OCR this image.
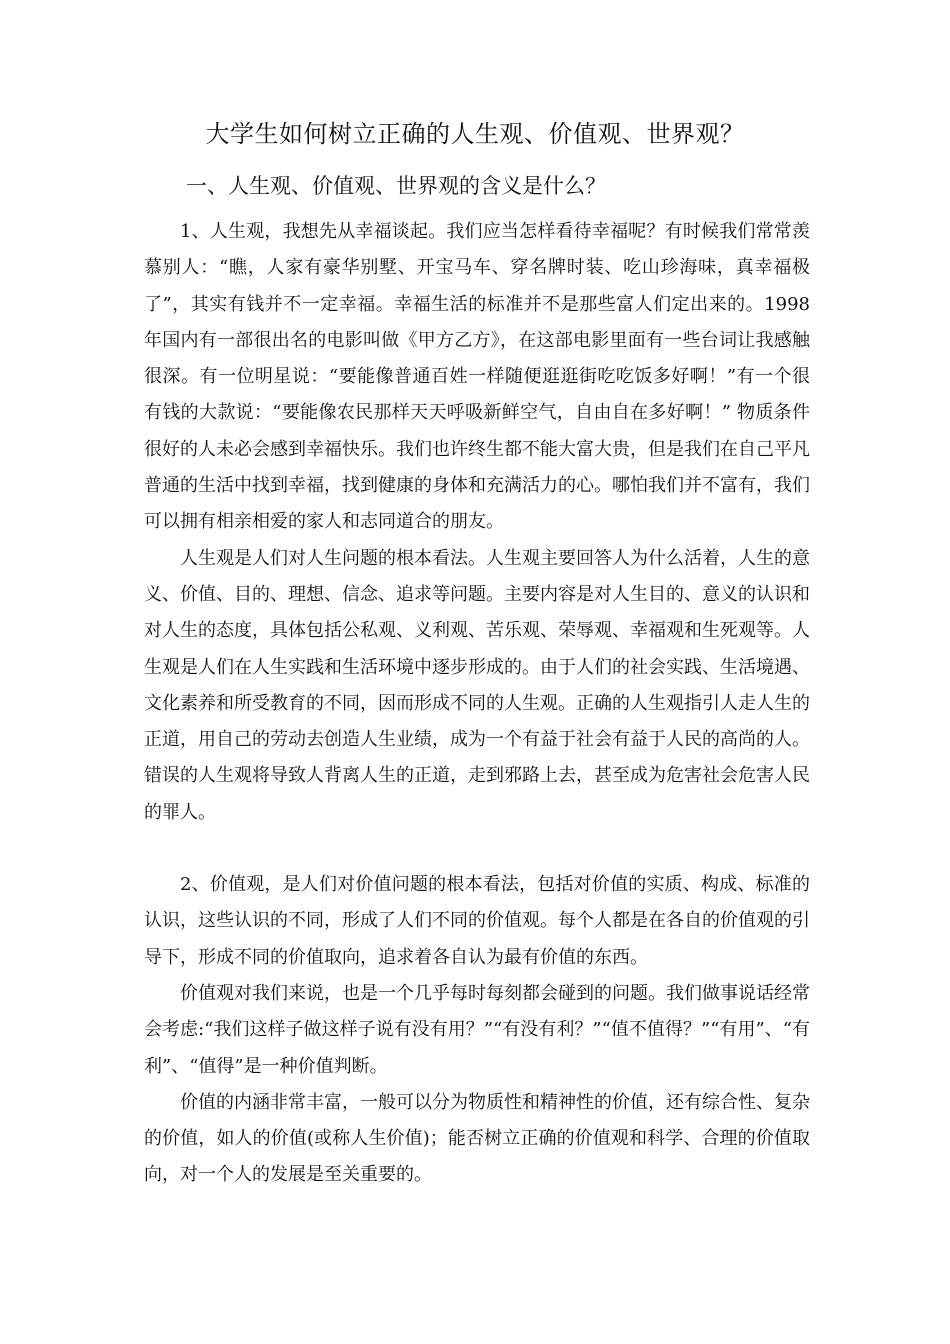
大学生如何树立正确的人生观、价值观、世界观？
一、人生观、价值观、世界观的含义是什么？

1、人生观，我想先从幸福谈起。我们应当怎样看待幸福呢？有时候我们常常羡慕别人：“瞧，人家有豪华别墅、开宝马车、穿名牌时装、吃山珍海味，真幸福极了”，其实有钱并不一定幸福。幸福生活的标准并不是那些富人们定出来的。1998年国内有一部很出名的电影叫做《甲方乙方》，在这部电影里面有一些台词让我感触很深。有一位明星说：“要能像普通百姓一样随便逛逛街吃吃饭多好啊！”有一个很有钱的大款说：“要能像农民那样天天呼吸新鲜空气，自由自在多好啊！” 物质条件很好的人未必会感到幸福快乐。我们也许终生都不能大富大贵，但是我们在自己平凡普通的生活中找到幸福，找到健康的身体和充满活力的心。哪怕我们并不富有，我们可以拥有相亲相爱的家人和志同道合的朋友。

人生观是人们对人生问题的根本看法。人生观主要回答人为什么活着，人生的意义、价值、目的、理想、信念、追求等问题。主要内容是对人生目的、意义的认识和对人生的态度，具体包括公私观、义利观、苦乐观、荣辱观、幸福观和生死观等。人生观是人们在人生实践和生活环境中逐步形成的。由于人们的社会实践、生活境遇、文化素养和所受教育的不同，因而形成不同的人生观。正确的人生观指引人走人生的正道，用自己的劳动去创造人生业绩，成为一个有益于社会有益于人民的高尚的人。错误的人生观将导致人背离人生的正道，走到邪路上去，甚至成为危害社会危害人民的罪人。

2、价值观，是人们对价值问题的根本看法，包括对价值的实质、构成、标准的认识，这些认识的不同，形成了人们不同的价值观。每个人都是在各自的价值观的引导下，形成不同的价值取向，追求着各自认为最有价值的东西。

价值观对我们来说，也是一个几乎每时每刻都会碰到的问题。我们做事说话经常会考虑:“我们这样子做这样子说有没有用？”“有没有利？”“值不值得？”“有用”、“有利”、“值得”是一种价值判断。

价值的内涵非常丰富，一般可以分为物质性和精神性的价值，还有综合性、复杂的价值，如人的价值(或称人生价值)；能否树立正确的价值观和科学、合理的价值取向，对一个人的发展是至关重要的。
